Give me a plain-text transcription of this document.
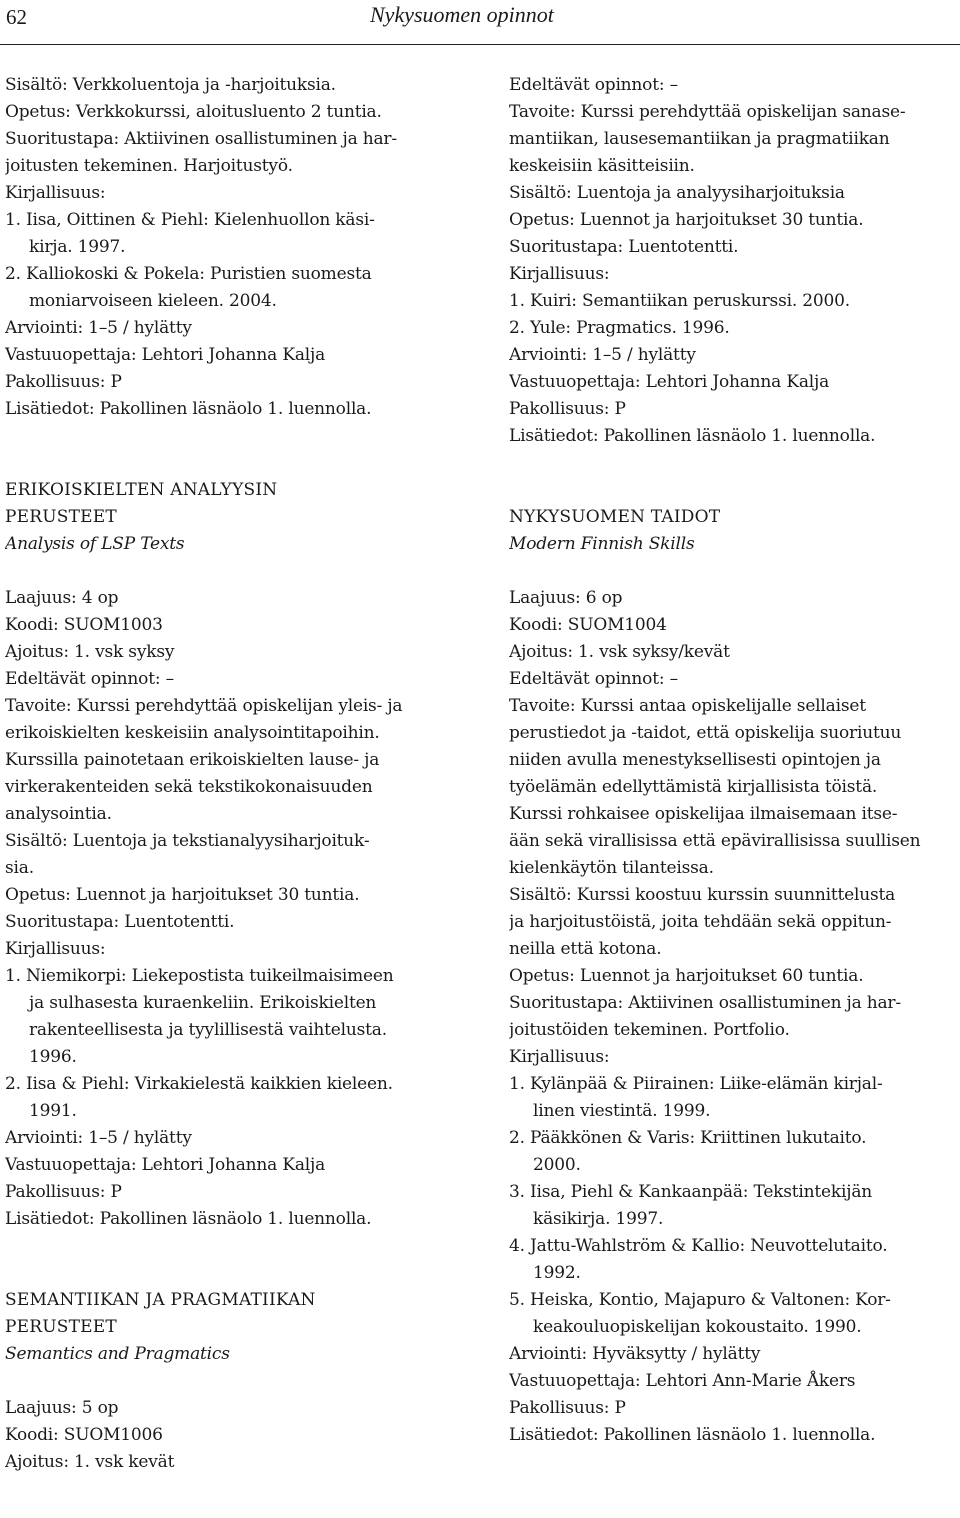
62	Nykysuomen opinnot
Sisältö: Verkkoluentoja ja -harjoituksia.
Opetus: Verkkokurssi, aloitusluento 2 tuntia.
Suoritustapa: Aktiivinen osallistuminen ja har-
joitusten tekeminen. Harjoitustyö.
Kirjallisuus:
1. Iisa, Oittinen & Piehl: Kielenhuollon käsi-
kirja. 1997.
2. Kalliokoski & Pokela: Puristien suomesta
moniarvoiseen kieleen. 2004.
Arviointi: 1–5 / hylätty
Vastuuopettaja: Lehtori Johanna Kalja
Pakollisuus: P
Lisätiedot: Pakollinen läsnäolo 1. luennolla.
ERIKOISKIELTEN ANALYYSIN
PERUSTEET
Analysis of LSP Texts
Laajuus: 4 op
Koodi: SUOM1003
Ajoitus: 1. vsk syksy
Edeltävät opinnot: –
Tavoite: Kurssi perehdyttää opiskelijan yleis- ja
erikoiskielten keskeisiin analysointitapoihin.
Kurssilla painotetaan erikoiskielten lause- ja
virkerakenteiden sekä tekstikokonaisuuden
analysointia.
Sisältö: Luentoja ja tekstianalyysiharjoituk-
sia.
Opetus: Luennot ja harjoitukset 30 tuntia.
Suoritustapa: Luentotentti.
Kirjallisuus:
1. Niemikorpi: Liekepostista tuikeilmaisimeen
ja sulhasesta kuraenkeliin. Erikoiskielten
rakenteellisesta ja tyylillisestä vaihtelusta.
1996.
2. Iisa & Piehl: Virkakielestä kaikkien kieleen.
1991.
Arviointi: 1–5 / hylätty
Vastuuopettaja: Lehtori Johanna Kalja
Pakollisuus: P
Lisätiedot: Pakollinen läsnäolo 1. luennolla.
SEMANTIIKAN JA PRAGMATIIKAN
PERUSTEET
Semantics and Pragmatics
Laajuus: 5 op
Koodi: SUOM1006
Ajoitus: 1. vsk kevät
Edeltävät opinnot: –
Tavoite: Kurssi perehdyttää opiskelijan sanase-
mantiikan, lausesemantiikan ja pragmatiikan
keskeisiin käsitteisiin.
Sisältö: Luentoja ja analyysiharjoituksia
Opetus: Luennot ja harjoitukset 30 tuntia.
Suoritustapa: Luentotentti.
Kirjallisuus:
1. Kuiri: Semantiikan peruskurssi. 2000.
2. Yule: Pragmatics. 1996.
Arviointi: 1–5 / hylätty
Vastuuopettaja: Lehtori Johanna Kalja
Pakollisuus: P
Lisätiedot: Pakollinen läsnäolo 1. luennolla.
NYKYSUOMEN TAIDOT
Modern Finnish Skills
Laajuus: 6 op
Koodi: SUOM1004
Ajoitus: 1. vsk syksy/kevät
Edeltävät opinnot: –
Tavoite: Kurssi antaa opiskelijalle sellaiset
perustiedot ja -taidot, että opiskelija suoriutuu
niiden avulla menestyksellisesti opintojen ja
työelämän edellyttämistä kirjallisista töistä.
Kurssi rohkaisee opiskelijaa ilmaisemaan itse-
ään sekä virallisissa että epävirallisissa suullisen
kielenkäytön tilanteissa.
Sisältö: Kurssi koostuu kurssin suunnittelusta
ja harjoitustöistä, joita tehdään sekä oppitun-
neilla että kotona.
Opetus: Luennot ja harjoitukset 60 tuntia.
Suoritustapa: Aktiivinen osallistuminen ja har-
joitustöiden tekeminen. Portfolio.
Kirjallisuus:
1. Kylänpää & Piirainen: Liike-elämän kirjal-
linen viestintä. 1999.
2. Pääkkönen & Varis: Kriittinen lukutaito.
2000.
3. Iisa, Piehl & Kankaanpää: Tekstintekijän
käsikirja. 1997.
4. Jattu-Wahlström & Kallio: Neuvottelutaito.
1992.
5. Heiska, Kontio, Majapuro & Valtonen: Kor-
keakouluopiskelijan kokoustaito. 1990.
Arviointi: Hyväksytty / hylätty
Vastuuopettaja: Lehtori Ann-Marie Åkers
Pakollisuus: P
Lisätiedot: Pakollinen läsnäolo 1. luennolla.
